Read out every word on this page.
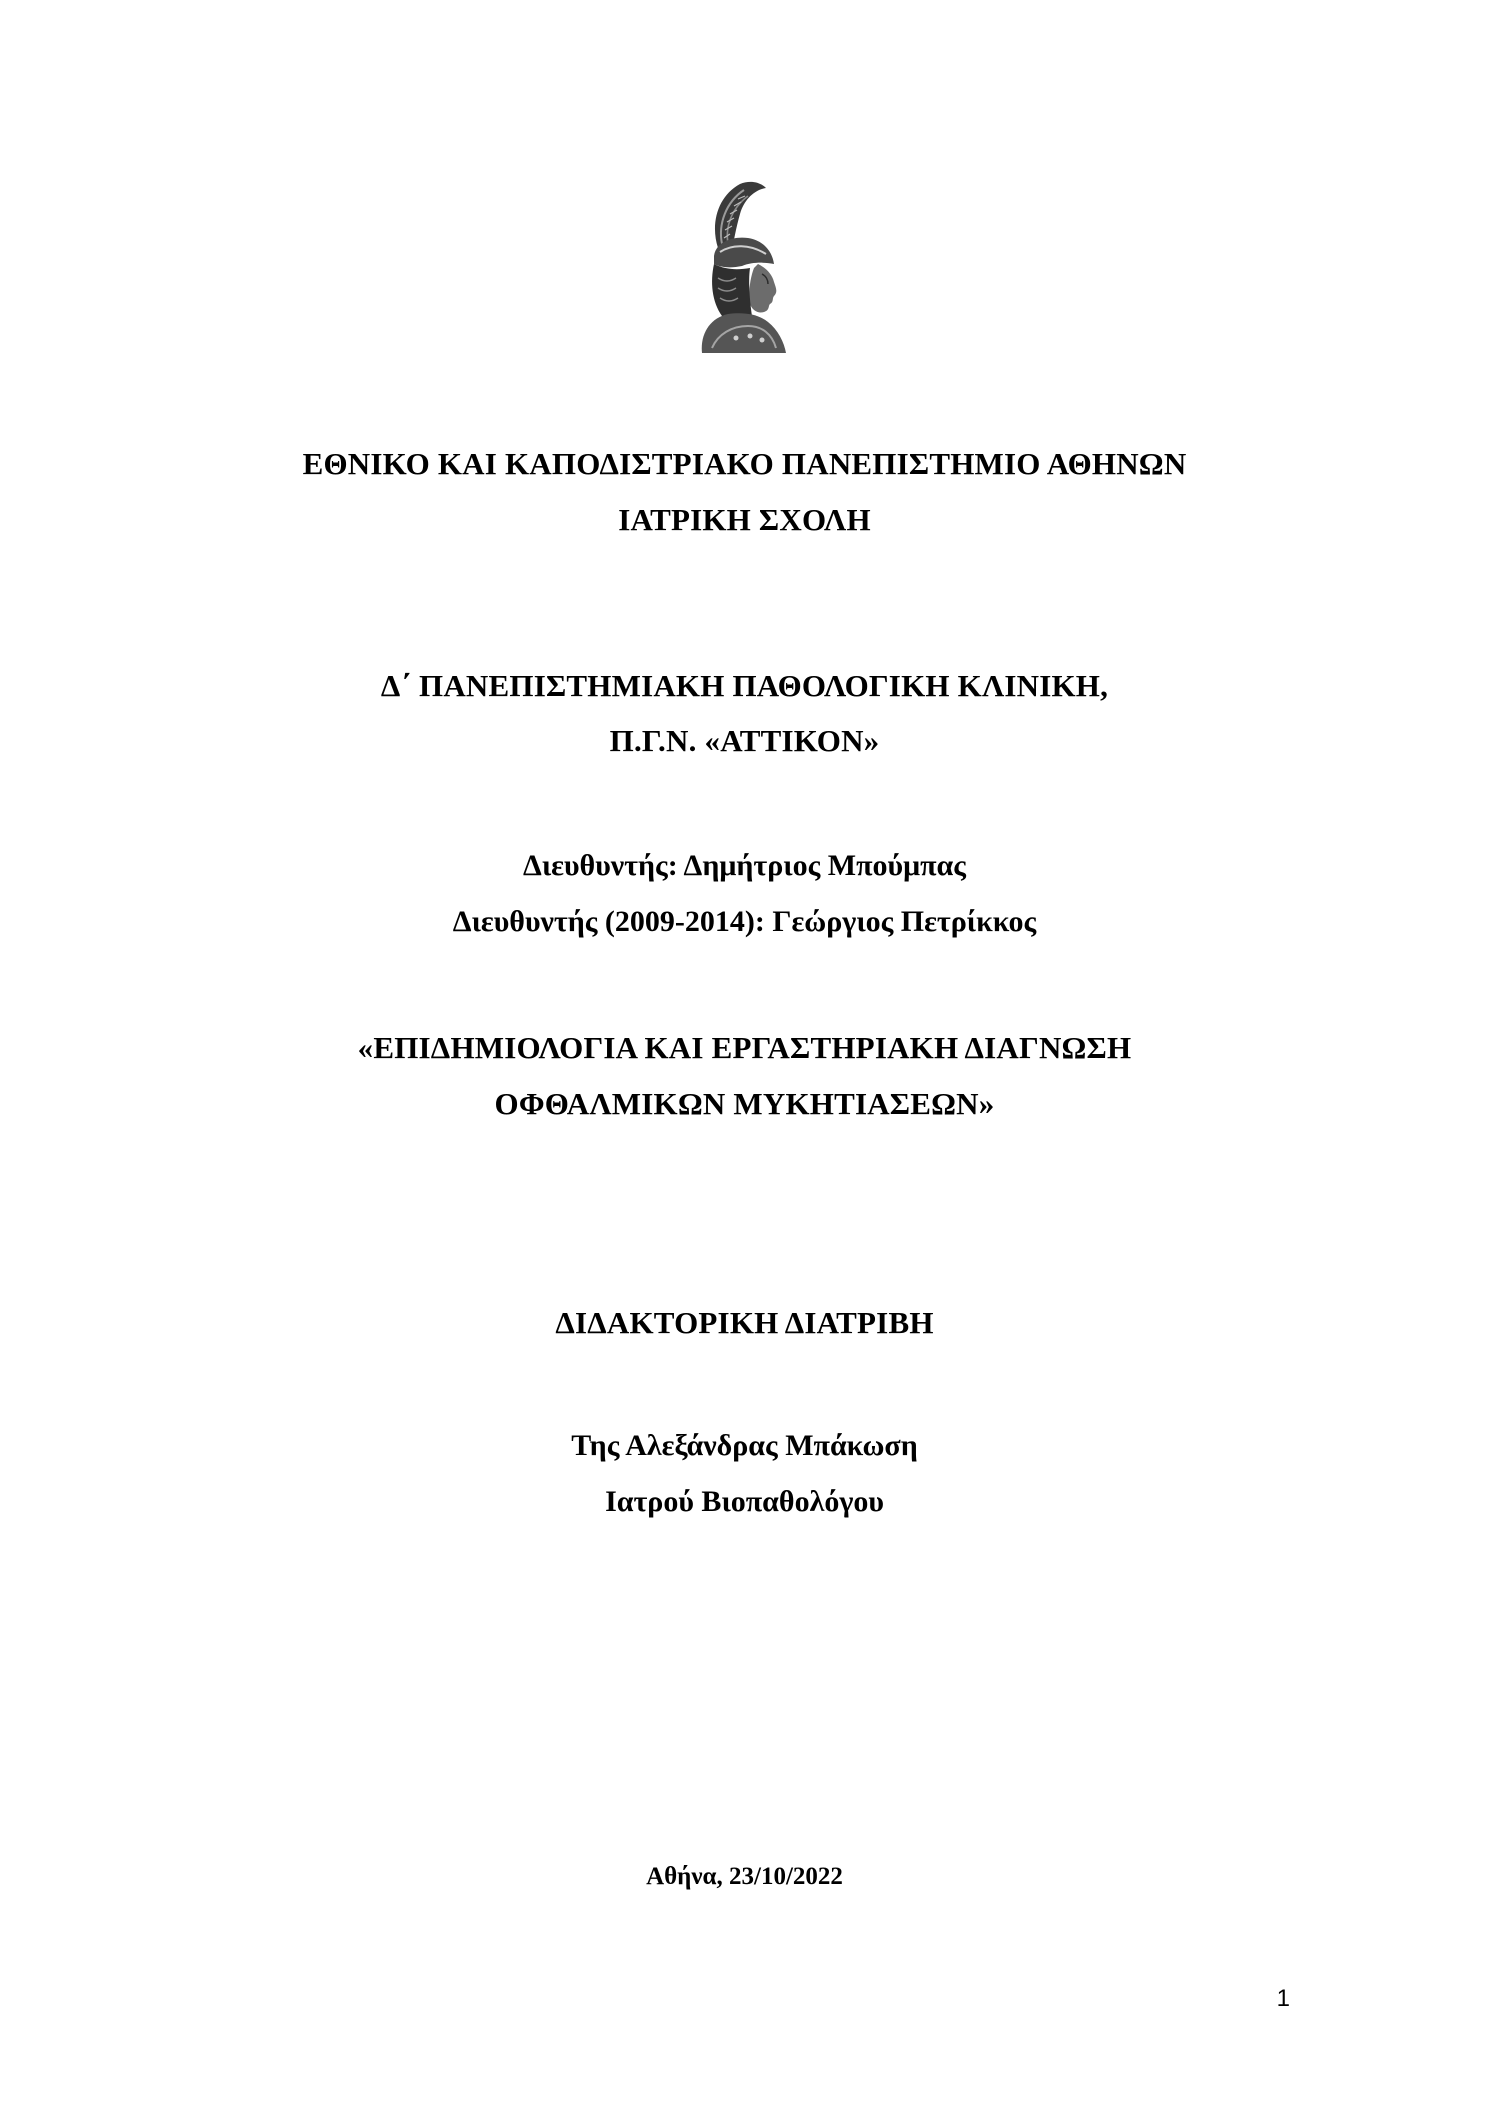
ΕΘΝΙΚΟ ΚΑΙ ΚΑΠΟΔΙΣΤΡΙΑΚΟ ΠΑΝΕΠΙΣΤΗΜΙΟ ΑΘΗΝΩΝ
ΙΑΤΡΙΚΗ ΣΧΟΛΗ
Δ΄ ΠΑΝΕΠΙΣΤΗΜΙΑΚΗ ΠΑΘΟΛΟΓΙΚΗ ΚΛΙΝΙΚΗ,
Π.Γ.Ν. «ΑΤΤΙΚΟΝ»
Διευθυντής: Δημήτριος Μπούμπας
Διευθυντής (2009-2014): Γεώργιος Πετρίκκος
«ΕΠΙΔΗΜΙΟΛΟΓΙΑ ΚΑΙ ΕΡΓΑΣΤΗΡΙΑΚΗ ΔΙΑΓΝΩΣΗ
ΟΦΘΑΛΜΙΚΩΝ ΜΥΚΗΤΙΑΣΕΩΝ»
ΔΙΔΑΚΤΟΡΙΚΗ ΔΙΑΤΡΙΒΗ
Της Αλεξάνδρας Μπάκωση
Ιατρού Βιοπαθολόγου
Αθήνα, 23/10/2022
1
